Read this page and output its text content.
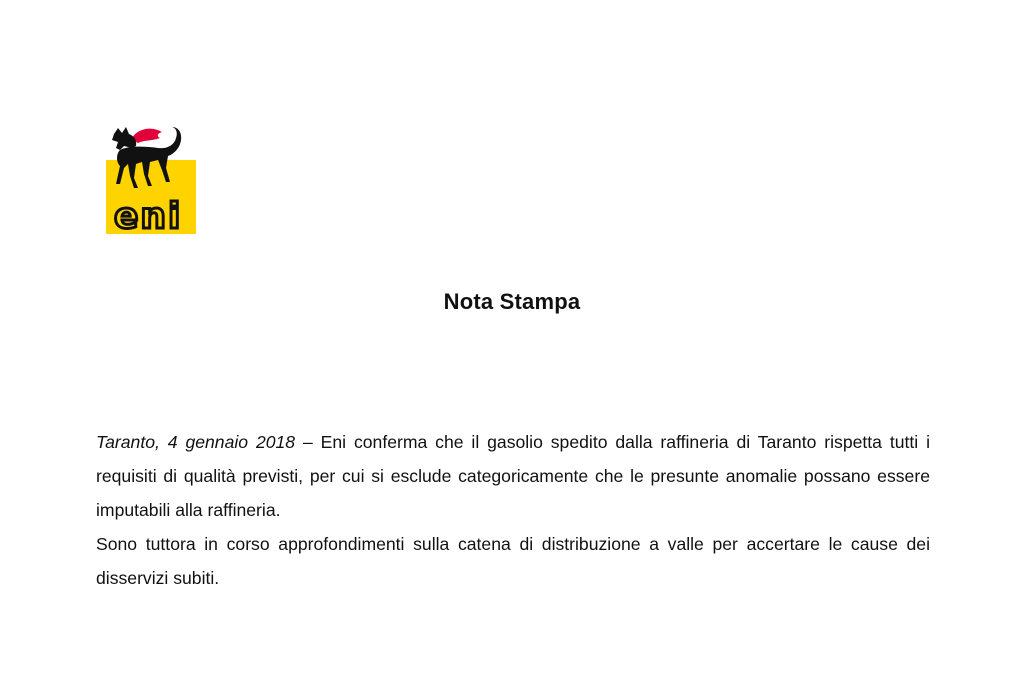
eni
Nota Stampa

Taranto, 4 gennaio 2018 – Eni conferma che il gasolio spedito dalla raffineria di Taranto rispetta tutti i requisiti di qualità previsti, per cui si esclude categoricamente che le presunte anomalie possano essere imputabili alla raffineria.

Sono tuttora in corso approfondimenti sulla catena di distribuzione a valle per accertare le cause dei disservizi subiti.
